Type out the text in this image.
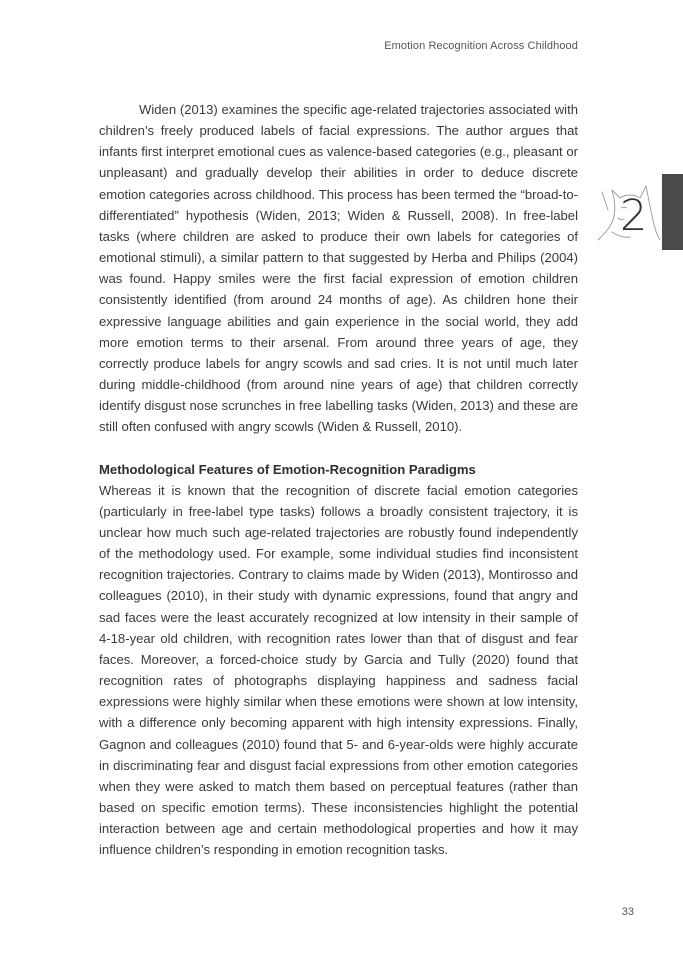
Emotion Recognition Across Childhood
2

Widen (2013) examines the specific age-related trajectories associated with children’s freely produced labels of facial expressions. The author argues that infants first interpret emotional cues as valence-based categories (e.g., pleasant or unpleasant) and gradually develop their abilities in order to deduce discrete emotion categories across childhood. This process has been termed the “broad-to-differentiated” hypothesis (Widen, 2013; Widen & Russell, 2008). In free-label tasks (where children are asked to produce their own labels for categories of emotional stimuli), a similar pattern to that suggested by Herba and Philips (2004) was found. Happy smiles were the first facial expression of emotion children consistently identified (from around 24 months of age). As children hone their expressive language abilities and gain experience in the social world, they add more emotion terms to their arsenal. From around three years of age, they correctly produce labels for angry scowls and sad cries. It is not until much later during middle-childhood (from around nine years of age) that children correctly identify disgust nose scrunches in free labelling tasks (Widen, 2013) and these are still often confused with angry scowls (Widen & Russell, 2010).

Methodological Features of Emotion-Recognition Paradigms

Whereas it is known that the recognition of discrete facial emotion categories (particularly in free-label type tasks) follows a broadly consistent trajectory, it is unclear how much such age-related trajectories are robustly found independently of the methodology used. For example, some individual studies find inconsistent recognition trajectories. Contrary to claims made by Widen (2013), Montirosso and colleagues (2010), in their study with dynamic expressions, found that angry and sad faces were the least accurately recognized at low intensity in their sample of 4-18-year old children, with recognition rates lower than that of disgust and fear faces. Moreover, a forced-choice study by Garcia and Tully (2020) found that recognition rates of photographs displaying happiness and sadness facial expressions were highly similar when these emotions were shown at low intensity, with a difference only becoming apparent with high intensity expressions. Finally, Gagnon and colleagues (2010) found that 5- and 6-year-olds were highly accurate in discriminating fear and disgust facial expressions from other emotion categories when they were asked to match them based on perceptual features (rather than based on specific emotion terms). These inconsistencies highlight the potential interaction between age and certain methodological properties and how it may influence children’s responding in emotion recognition tasks.

33
